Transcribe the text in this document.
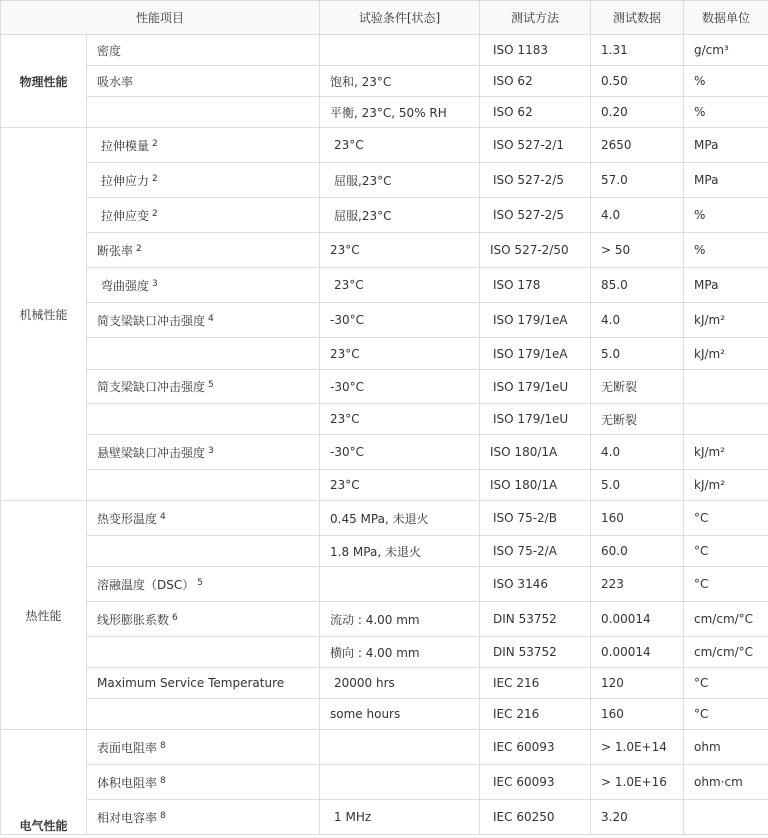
性能项目		试验条件[状态]	测试方法	测试数据	数据单位
物理性能	密度		ISO 1183	1.31	g/cm³
	吸水率	饱和, 23°C	ISO 62	0.50	%
		平衡, 23°C, 50% RH	ISO 62	0.20	%
机械性能	拉伸模量 $^2$	23°C	ISO 527-2/1	2650	MPa
	拉伸应力 $^2$	屈服,23°C	ISO 527-2/5	57.0	MPa
	拉伸应变 $^2$	屈服,23°C	ISO 527-2/5	4.0	%
	断张率 $^2$	23°C	ISO 527-2/50	> 50	%
	弯曲强度 $^3$	23°C	ISO 178	85.0	MPa
	简支梁缺口冲击强度 $^4$	-30°C	ISO 179/1eA	4.0	kJ/m²
		23°C	ISO 179/1eA	5.0	kJ/m²
	简支梁缺口冲击强度 $^5$	-30°C	ISO 179/1eU	无断裂	
		23°C	ISO 179/1eU	无断裂	
	悬壁梁缺口冲击强度 $^3$	-30°C	ISO 180/1A	4.0	kJ/m²
		23°C	ISO 180/1A	5.0	kJ/m²
热性能	热变形温度 $^4$	0.45 MPa, 未退火	ISO 75-2/B	160	°C
		1.8 MPa, 未退火	ISO 75-2/A	60.0	°C
	溶融温度（DSC） $^5$		ISO 3146	223	°C
	线形膨胀系数 $^6$	流动 : 4.00 mm	DIN 53752	0.00014	cm/cm/°C
		横向 : 4.00 mm	DIN 53752	0.00014	cm/cm/°C
	Maximum Service Temperature	20000 hrs	IEC 216	120	°C
		some hours	IEC 216	160	°C
电气性能	表面电阻率 $^8$		IEC 60093	> 1.0E+14	ohm
	体积电阻率 $^8$		IEC 60093	> 1.0E+16	ohm·cm
	相对电容率 $^8$	1 MHz	IEC 60250	3.20	
